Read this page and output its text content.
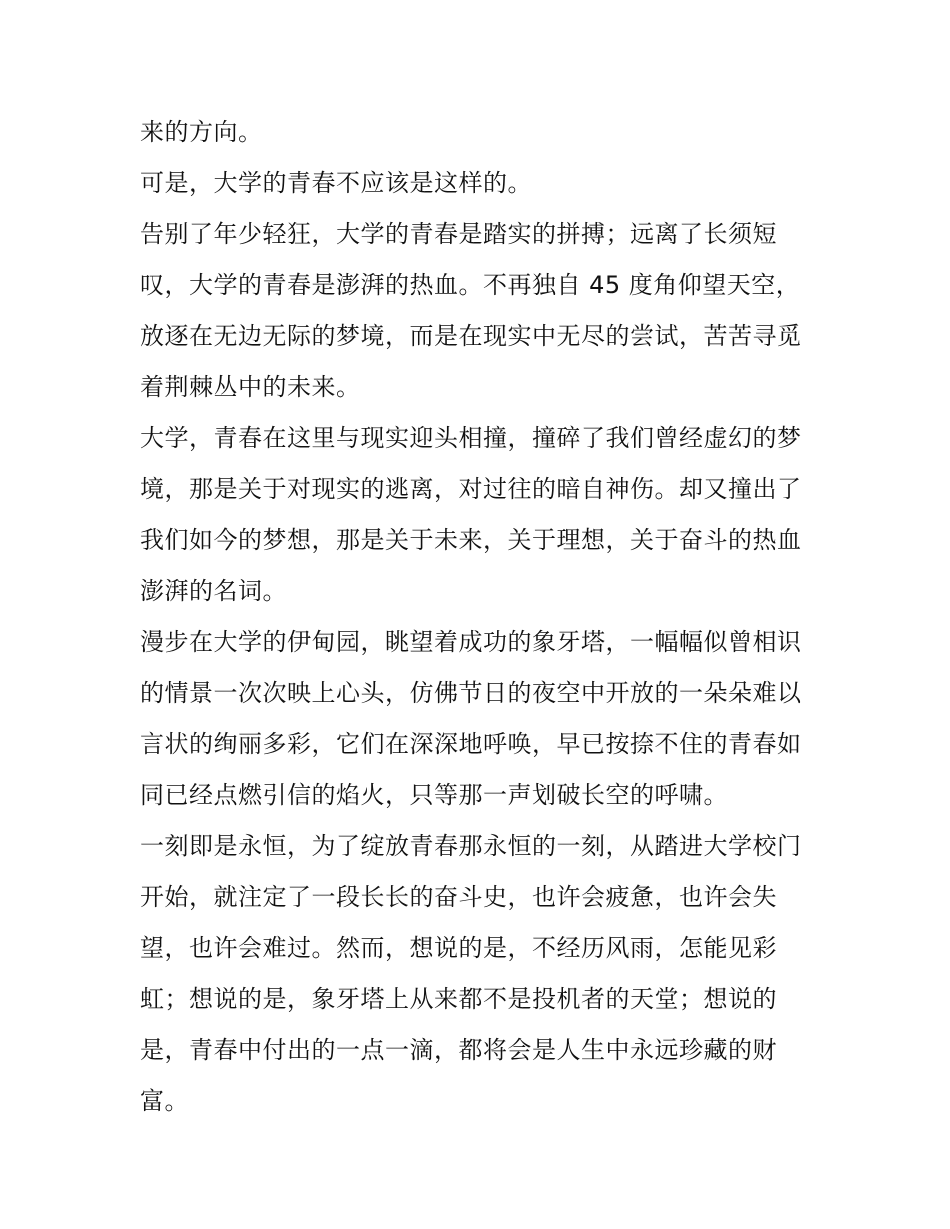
来的方向。
可是，大学的青春不应该是这样的。
告别了年少轻狂，大学的青春是踏实的拼搏；远离了长须短
叹，大学的青春是澎湃的热血。不再独自 45 度角仰望天空，
放逐在无边无际的梦境，而是在现实中无尽的尝试，苦苦寻觅
着荆棘丛中的未来。
大学，青春在这里与现实迎头相撞，撞碎了我们曾经虚幻的梦
境，那是关于对现实的逃离，对过往的暗自神伤。却又撞出了
我们如今的梦想，那是关于未来，关于理想，关于奋斗的热血
澎湃的名词。
漫步在大学的伊甸园，眺望着成功的象牙塔，一幅幅似曾相识
的情景一次次映上心头，仿佛节日的夜空中开放的一朵朵难以
言状的绚丽多彩，它们在深深地呼唤，早已按捺不住的青春如
同已经点燃引信的焰火，只等那一声划破长空的呼啸。
一刻即是永恒，为了绽放青春那永恒的一刻，从踏进大学校门
开始，就注定了一段长长的奋斗史，也许会疲惫，也许会失
望，也许会难过。然而，想说的是，不经历风雨，怎能见彩
虹；想说的是，象牙塔上从来都不是投机者的天堂；想说的
是，青春中付出的一点一滴，都将会是人生中永远珍藏的财
富。
